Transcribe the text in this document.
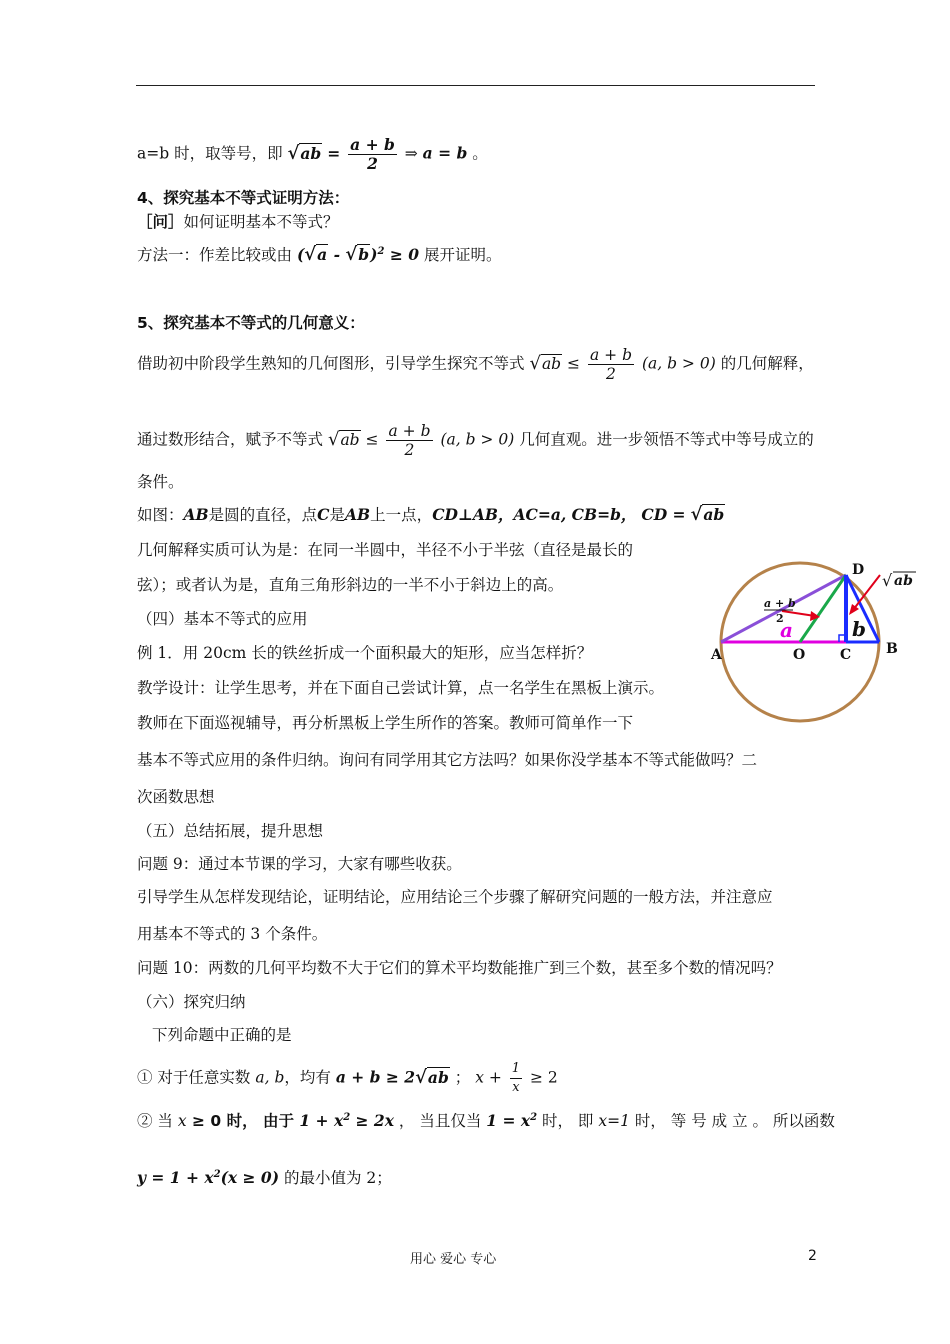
a=b 时，取等号，即 $√ab = \frac{a + b}{2}$ ⇒ a = b 。
4、探究基本不等式证明方法：
［问］如何证明基本不等式？
方法一：作差比较或由 (√a - √b)$^2$ ≥ 0 展开证明。
5、探究基本不等式的几何意义：
借助初中阶段学生熟知的几何图形，引导学生探究不等式 $√ab \le \frac{a + b}{2} (a$, b > 0) 的几何解释，
通过数形结合，赋予不等式 $√ab \le \frac{a + b}{2} (a$, b > 0) 几何直观。进一步领悟不等式中等号成立的
条件。
如图：AB是圆的直径，点C是AB上一点，CD⊥AB，AC=a, CB=b， CD = √ab
几何解释实质可认为是：在同一半圆中，半径不小于半弦（直径是最长的
弦）；或者认为是，直角三角形斜边的一半不小于斜边上的高。
（四）基本不等式的应用
例 1．用 20cm 长的铁丝折成一个面积最大的矩形，应当怎样折？
教学设计：让学生思考，并在下面自己尝试计算，点一名学生在黑板上演示。
教师在下面巡视辅导，再分析黑板上学生所作的答案。教师可简单作一下
基本不等式应用的条件归纳。询问有同学用其它方法吗？如果你没学基本不等式能做吗？二
次函数思想
（五）总结拓展，提升思想
问题 9：通过本节课的学习，大家有哪些收获。
引导学生从怎样发现结论，证明结论，应用结论三个步骤了解研究问题的一般方法，并注意应
用基本不等式的 3 个条件。
问题 10：两数的几何平均数不大于它们的算术平均数能推广到三个数，甚至多个数的情况吗？
（六）探究归纳
下列命题中正确的是
① 对于任意实数 a, b，均有 a + b ≥ 2√ab ； $x + \frac{1}{x} \ge 2$
② 当 x ≥ 0 时， 由于 $1 + x^2 \ge 2x$ ， 当且仅当 $1 = x^2$ 时， 即 x=1 时， 等 号 成 立 。 所以函数
$y = 1 + x^2(x \ge 0)$ 的最小值为 2；
a + b
2
a	b
√ ab
A	O C B
D
用心 爱心 专心	2
